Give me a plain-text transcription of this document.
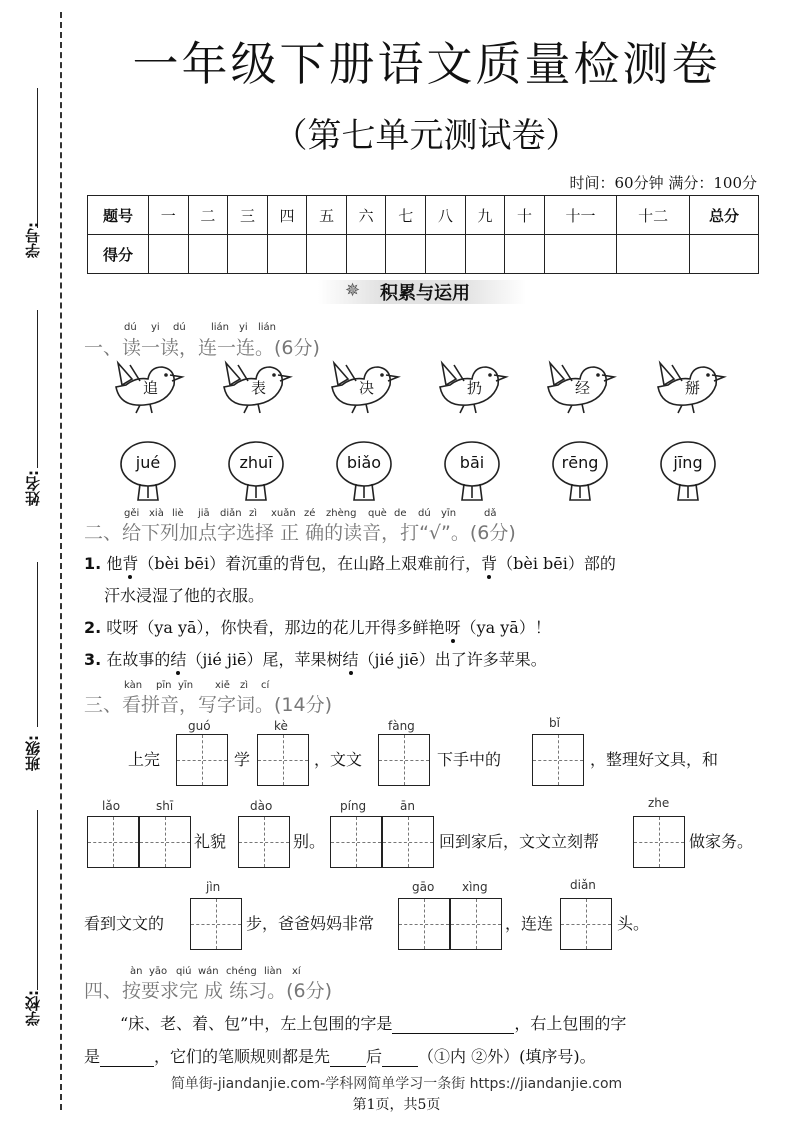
学号:
姓名:
班级:
学校:
一年级下册语文质量检测卷
（第七单元测试卷）
时间：60分钟 满分：100分
题号	一	二	三	四	五	六	七	八	九	十	十一	十二	总分
得分													
✵ 积累与运用
dú yi dú	lián yi lián
一、读一读，连一连。(6分)
追	表	决	扔	经	掰
jué	zhuī	biǎo	bāi	rēng	jīng
gěi xià liè jiā diǎn zì xuǎn zé zhèng què de dú yīn	dǎ
二、给下列加点字选择 正 确的读音，打“√”。(6分)
1. 他背（bèi bēi）着沉重的背包，在山路上艰难前行，背（bèi bēi）部的
汗水浸湿了他的衣服。
2. 哎呀（ya yā），你快看，那边的花儿开得多鲜艳呀（ya yā）！
3. 在故事的结（jié jiē）尾，苹果树结（jié jiē）出了许多苹果。
kàn pīn yīn xiě zì cí
三、看拼音，写字词。(14分)
上完
guó
学
kè
，文文
fàng
下手中的
bǐ
，整理好文具，和
lǎo	shī
礼貌
dào
别。
píng	ān
回到家后，文文立刻帮
zhe
做家务。
看到文文的
jìn
步，爸爸妈妈非常
gāo xìng
，连连
diǎn
头。
àn yāo qiú wán chéng liàn xí
四、按要求完 成 练习。(6分)
“床、老、着、包”中，左上包围的字是	，右上包围的字
是	，它们的笔顺规则都是先 后 （①内 ②外）(填序号)。
简单街-jiandanjie.com-学科网简单学习一条街 https://jiandanjie.com
第1页，共5页
